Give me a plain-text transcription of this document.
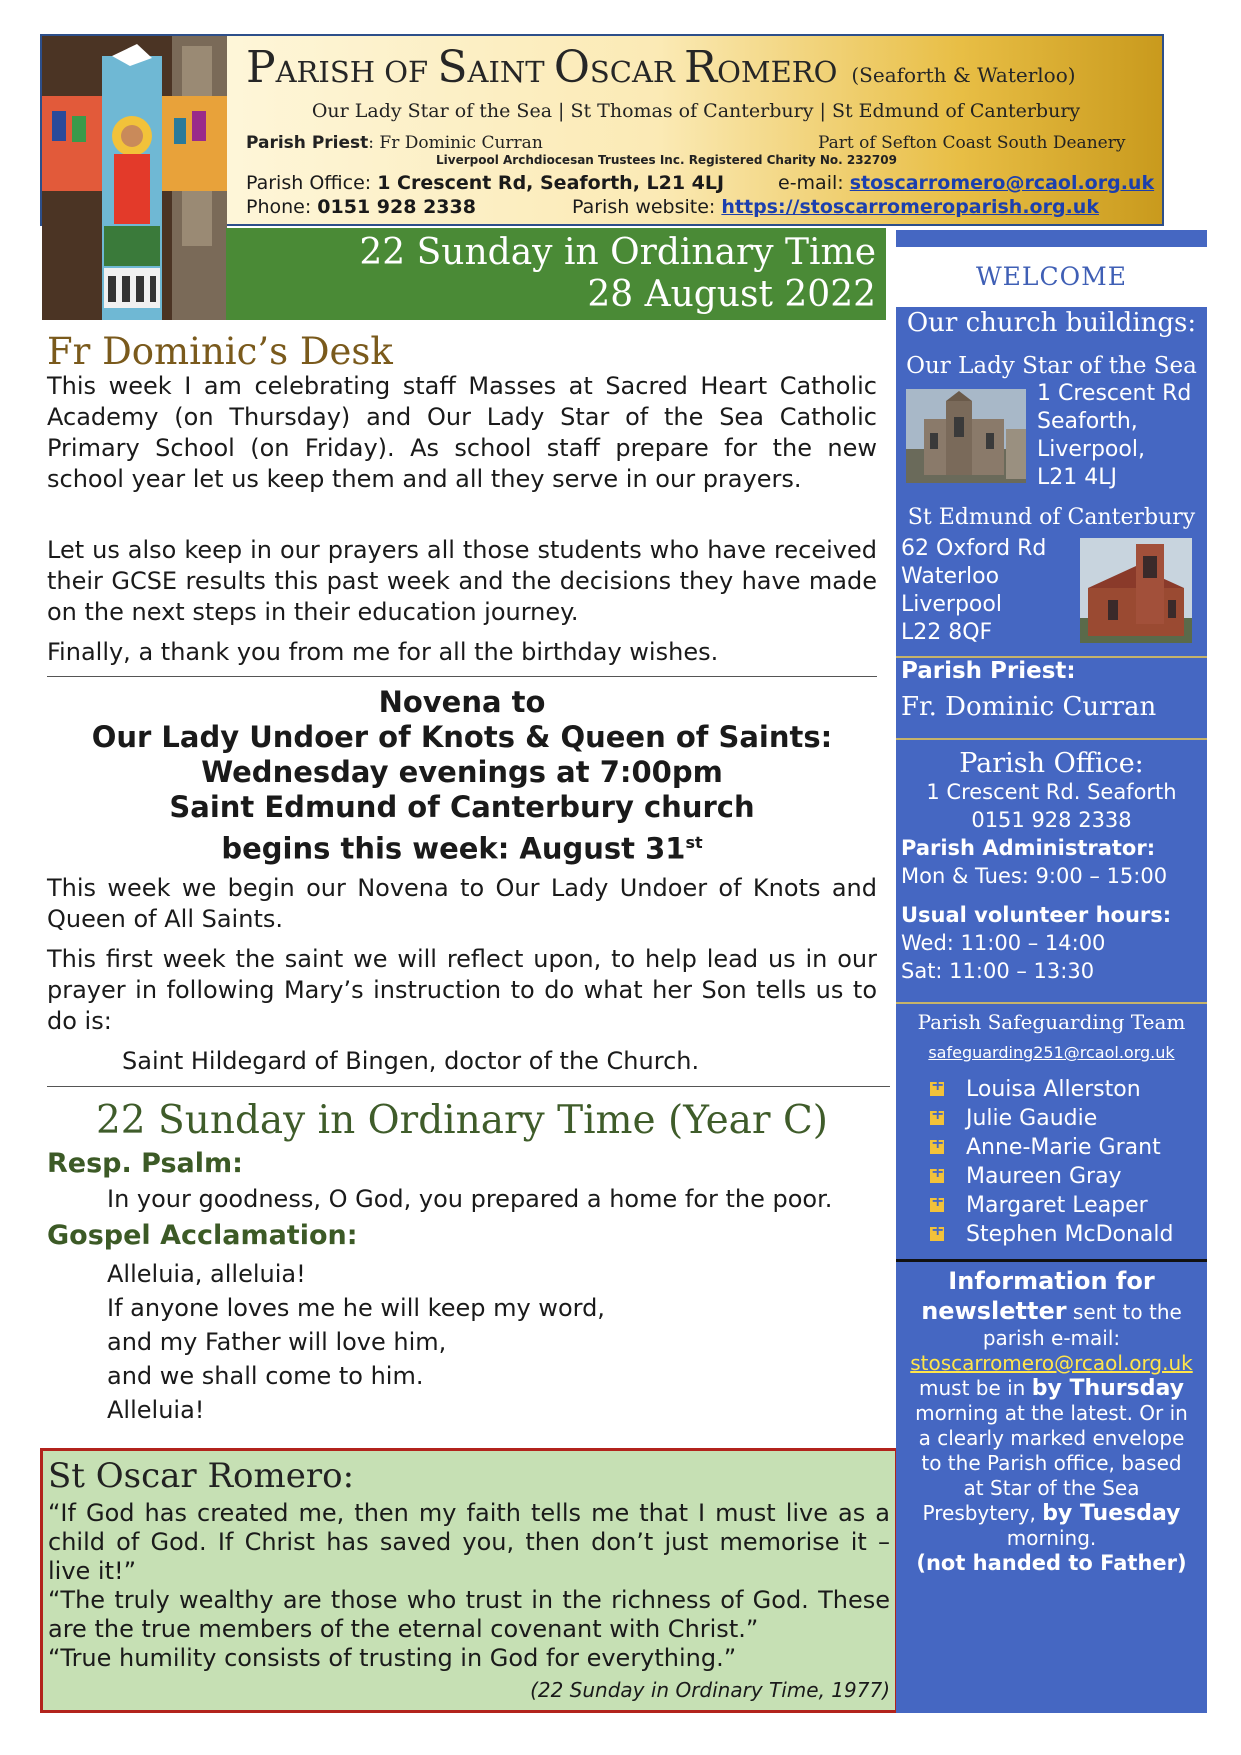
PARISH OF SAINT OSCAR ROMERO (Seaforth & Waterloo)
Our Lady Star of the Sea | St Thomas of Canterbury | St Edmund of Canterbury
Parish Priest: Fr Dominic Curran	Part of Sefton Coast South Deanery
Liverpool Archdiocesan Trustees Inc. Registered Charity No. 232709
Parish Office: 1 Crescent Rd, Seaforth, L21 4LJ	e-mail: stoscarromero@rcaol.org.uk
Phone: 0151 928 2338	Parish website: https://stoscarromeroparish.org.uk
22 Sunday in Ordinary Time
28 August 2022
Fr Dominic’s Desk
This week I am celebrating staff Masses at Sacred Heart Catholic Academy (on Thursday) and Our Lady Star of the Sea Catholic Primary School (on Friday). As school staff prepare for the new school year let us keep them and all they serve in our prayers.
Let us also keep in our prayers all those students who have received their GCSE results this past week and the decisions they have made on the next steps in their education journey.
Finally, a thank you from me for all the birthday wishes.
Novena to
Our Lady Undoer of Knots & Queen of Saints:
Wednesday evenings at 7:00pm
Saint Edmund of Canterbury church
begins this week: August 31st
This week we begin our Novena to Our Lady Undoer of Knots and Queen of All Saints.
This first week the saint we will reflect upon, to help lead us in our prayer in following Mary’s instruction to do what her Son tells us to do is:
Saint Hildegard of Bingen, doctor of the Church.
22 Sunday in Ordinary Time (Year C)
Resp. Psalm:
In your goodness, O God, you prepared a home for the poor.
Gospel Acclamation:
Alleluia, alleluia!
If anyone loves me he will keep my word,
and my Father will love him,
and we shall come to him.
Alleluia!
St Oscar Romero:
“If God has created me, then my faith tells me that I must live as a child of God. If Christ has saved you, then don’t just memorise it – live it!”
“The truly wealthy are those who trust in the richness of God. These are the true members of the eternal covenant with Christ.”
“True humility consists of trusting in God for everything.”
(22 Sunday in Ordinary Time, 1977)
WELCOME
Our church buildings:
Our Lady Star of the Sea
1 Crescent Rd
Seaforth,
Liverpool,
L21 4LJ
St Edmund of Canterbury
62 Oxford Rd
Waterloo
Liverpool
L22 8QF
Parish Priest:
Fr. Dominic Curran
Parish Office:
1 Crescent Rd. Seaforth
0151 928 2338
Parish Administrator:
Mon & Tues: 9:00 – 15:00
Usual volunteer hours:
Wed: 11:00 – 14:00
Sat: 11:00 – 13:30
Parish Safeguarding Team
safeguarding251@rcaol.org.uk
+Louisa Allerston
+Julie Gaudie
+Anne-Marie Grant
+Maureen Gray
+Margaret Leaper
+Stephen McDonald
Information for
newsletter sent to the
parish e-mail:
stoscarromero@rcaol.org.uk
must be in by Thursday
morning at the latest. Or in
a clearly marked envelope
to the Parish office, based
at Star of the Sea
Presbytery, by Tuesday
morning.
(not handed to Father)
